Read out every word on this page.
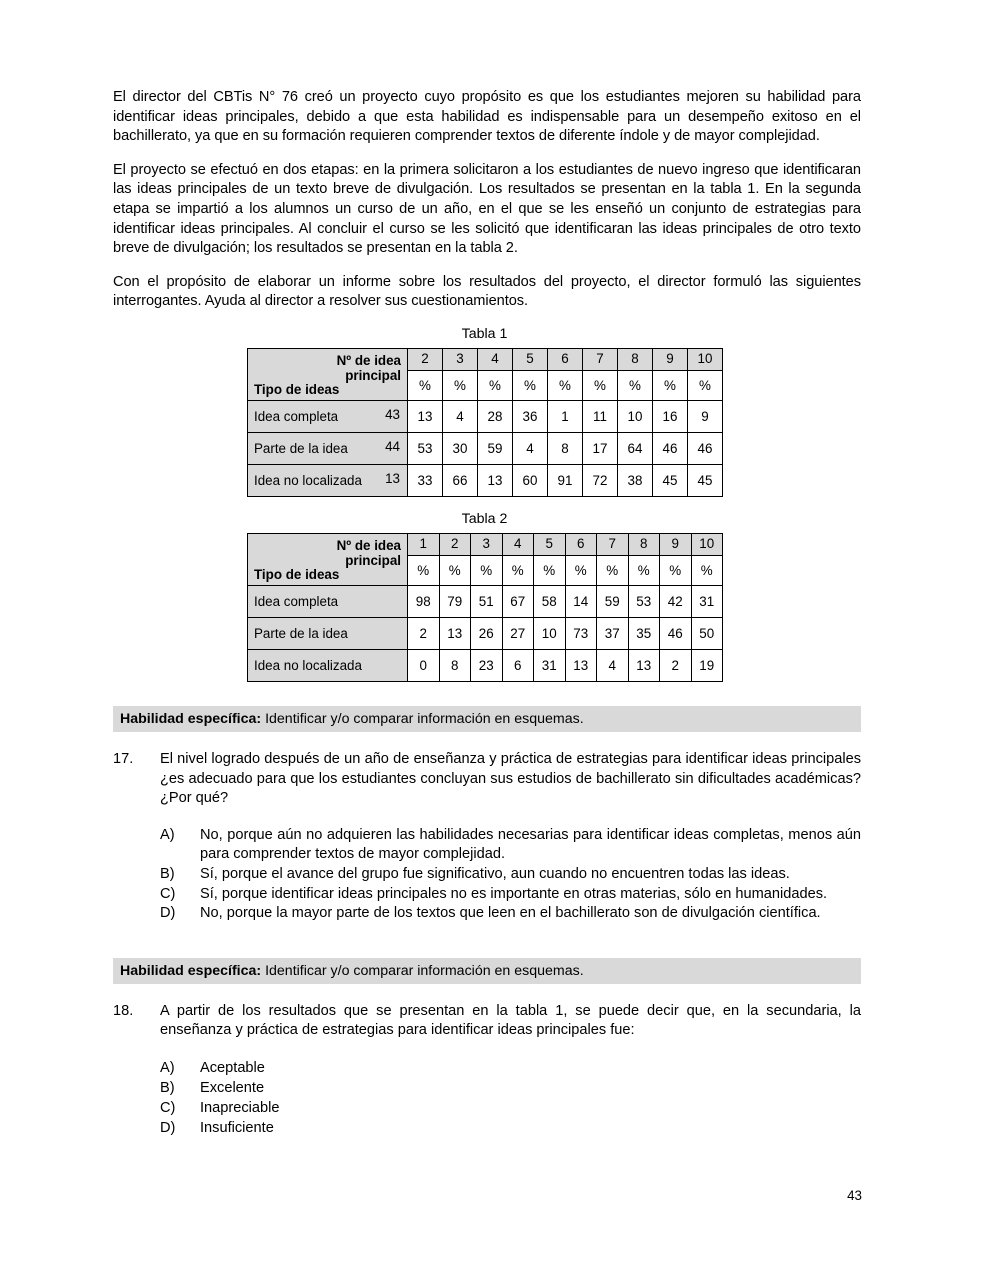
El director del CBTis N° 76 creó un proyecto cuyo propósito es que los estudiantes mejoren su habilidad para identificar ideas principales, debido a que esta habilidad es indispensable para un desempeño exitoso en el bachillerato, ya que en su formación requieren comprender textos de diferente índole y de mayor complejidad.

El proyecto se efectuó en dos etapas: en la primera solicitaron a los estudiantes de nuevo ingreso que identificaran las ideas principales de un texto breve de divulgación. Los resultados se presentan en la tabla 1. En la segunda etapa se impartió a los alumnos un curso de un año, en el que se les enseñó un conjunto de estrategias para identificar ideas principales. Al concluir el curso se les solicitó que identificaran las ideas principales de otro texto breve de divulgación; los resultados se presentan en la tabla 2.

Con el propósito de elaborar un informe sobre los resultados del proyecto, el director formuló las siguientes interrogantes. Ayuda al director a resolver sus cuestionamientos.

Tabla 1
Nº de idea
principal
Tipo de ideas	2	3	4	5	6	7	8	9	10
	%	%	%	%	%	%	%	%	%
Idea completa 43	13	4	28	36	1	11	10	16	9
Parte de la idea 44	53	30	59	4	8	17	64	46	46
Idea no localizada 13	33	66	13	60	91	72	38	45	45
Tabla 2
Nº de idea
principal
Tipo de ideas	1	2	3	4	5	6	7	8	9	10
	%	%	%	%	%	%	%	%	%	%
Idea completa	98	79	51	67	58	14	59	53	42	31
Parte de la idea	2	13	26	27	10	73	37	35	46	50
Idea no localizada	0	8	23	6	31	13	4	13	2	19
Habilidad específica: Identificar y/o comparar información en esquemas.
17.	El nivel logrado después de un año de enseñanza y práctica de estrategias para identificar ideas principales ¿es adecuado para que los estudiantes concluyan sus estudios de bachillerato sin dificultades académicas? ¿Por qué?
A)	No, porque aún no adquieren las habilidades necesarias para identificar ideas completas, menos aún para comprender textos de mayor complejidad.
B)	Sí, porque el avance del grupo fue significativo, aun cuando no encuentren todas las ideas.
C)	Sí, porque identificar ideas principales no es importante en otras materias, sólo en humanidades.
D)	No, porque la mayor parte de los textos que leen en el bachillerato son de divulgación científica.
Habilidad específica: Identificar y/o comparar información en esquemas.
18.	A partir de los resultados que se presentan en la tabla 1, se puede decir que, en la secundaria, la enseñanza y práctica de estrategias para identificar ideas principales fue:
A)	Aceptable
B)	Excelente
C)	Inapreciable
D)	Insuficiente
43
